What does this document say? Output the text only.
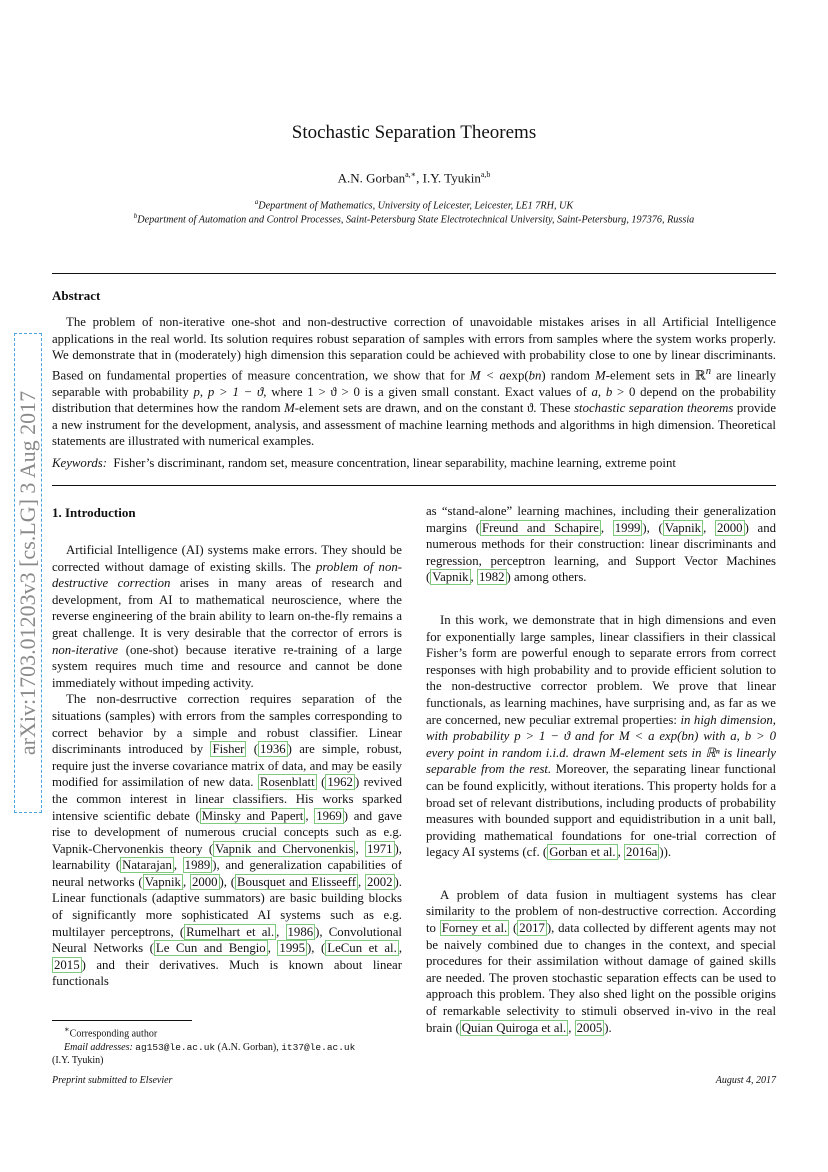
arXiv:1703.01203v3 [cs.LG] 3 Aug 2017
Stochastic Separation Theorems
A.N. Gorban$^{a,∗}$, I.Y. Tyukin$^{a,b}$
$^a$Department of Mathematics, University of Leicester, Leicester, LE1 7RH, UK
$^b$Department of Automation and Control Processes, Saint-Petersburg State Electrotechnical University, Saint-Petersburg, 197376, Russia
Abstract

The problem of non-iterative one-shot and non-destructive correction of unavoidable mistakes arises in all Artificial Intelligence applications in the real world. Its solution requires robust separation of samples with errors from samples where the system works properly. We demonstrate that in (moderately) high dimension this separation could be achieved with probability close to one by linear discriminants. Based on fundamental properties of measure concentration, we show that for M < aexp(bn) random M-element sets in ℝ$^n$ are linearly separable with probability p, p > 1 − ϑ, where 1 > ϑ > 0 is a given small constant. Exact values of a, b > 0 depend on the probability distribution that determines how the random M-element sets are drawn, and on the constant ϑ. These stochastic separation theorems provide a new instrument for the development, analysis, and assessment of machine learning methods and algorithms in high dimension. Theoretical statements are illustrated with numerical examples.

Keywords: Fisher’s discriminant, random set, measure concentration, linear separability, machine learning, extreme point
1. Introduction

Artificial Intelligence (AI) systems make errors. They should be corrected without damage of existing skills. The problem of non-destructive correction arises in many areas of research and development, from AI to mathematical neuroscience, where the reverse engineering of the brain ability to learn on-the-fly remains a great challenge. It is very desirable that the corrector of errors is non-iterative (one-shot) because iterative re-training of a large system requires much time and resource and cannot be done immediately without impeding activity.

The non-desrructive correction requires separation of the situations (samples) with errors from the samples corresponding to correct behavior by a simple and robust classifier. Linear discriminants introduced by Fisher ( 1936 ) are simple, robust, require just the inverse covariance matrix of data, and may be easily modified for assimilation of new data. Rosenblatt ( 1962 ) revived the common interest in linear classifiers. His works sparked intensive scientific debate ( Minsky and Papert , 1969 ) and gave rise to development of numerous crucial concepts such as e.g. Vapnik-Chervonenkis theory ( Vapnik and Chervonenkis , 1971 ), learnability ( Natarajan , 1989 ), and generalization capabilities of neural networks ( Vapnik , 2000 ), ( Bousquet and Elisseeff , 2002 ). Linear functionals (adaptive summators) are basic building blocks of significantly more sophisticated AI systems such as e.g. multilayer perceptrons, ( Rumelhart et al. , 1986 ), Convolutional Neural Networks ( Le Cun and Bengio , 1995 ), ( LeCun et al. , 2015 ) and their derivatives. Much is known about linear functionals

as “stand-alone” learning machines, including their generalization margins ( Freund and Schapire , 1999 ), ( Vapnik , 2000 ) and numerous methods for their construction: linear discriminants and regression, perceptron learning, and Support Vector Machines ( Vapnik , 1982 ) among others.

In this work, we demonstrate that in high dimensions and even for exponentially large samples, linear classifiers in their classical Fisher’s form are powerful enough to separate errors from correct responses with high probability and to provide efficient solution to the non-destructive corrector problem. We prove that linear functionals, as learning machines, have surprising and, as far as we are concerned, new peculiar extremal properties: in high dimension, with probability p > 1 − ϑ and for M < a exp(bn) with a, b > 0 every point in random i.i.d. drawn M-element sets in ℝⁿ is linearly separable from the rest. Moreover, the separating linear functional can be found explicitly, without iterations. This property holds for a broad set of relevant distributions, including products of probability measures with bounded support and equidistribution in a unit ball, providing mathematical foundations for one-trial correction of legacy AI systems (cf. ( Gorban et al. , 2016a )).

A problem of data fusion in multiagent systems has clear similarity to the problem of non-destructive correction. According to Forney et al. ( 2017 ), data collected by different agents may not be naively combined due to changes in the context, and special procedures for their assimilation without damage of gained skills are needed. The proven stochastic separation effects can be used to approach this problem. They also shed light on the possible origins of remarkable selectivity to stimuli observed in-vivo in the real brain ( Quian Quiroga et al. , 2005 ).

∗Corresponding author
Email addresses: ag153@le.ac.uk (A.N. Gorban), it37@le.ac.uk
(I.Y. Tyukin)
Preprint submitted to Elsevier	August 4, 2017
